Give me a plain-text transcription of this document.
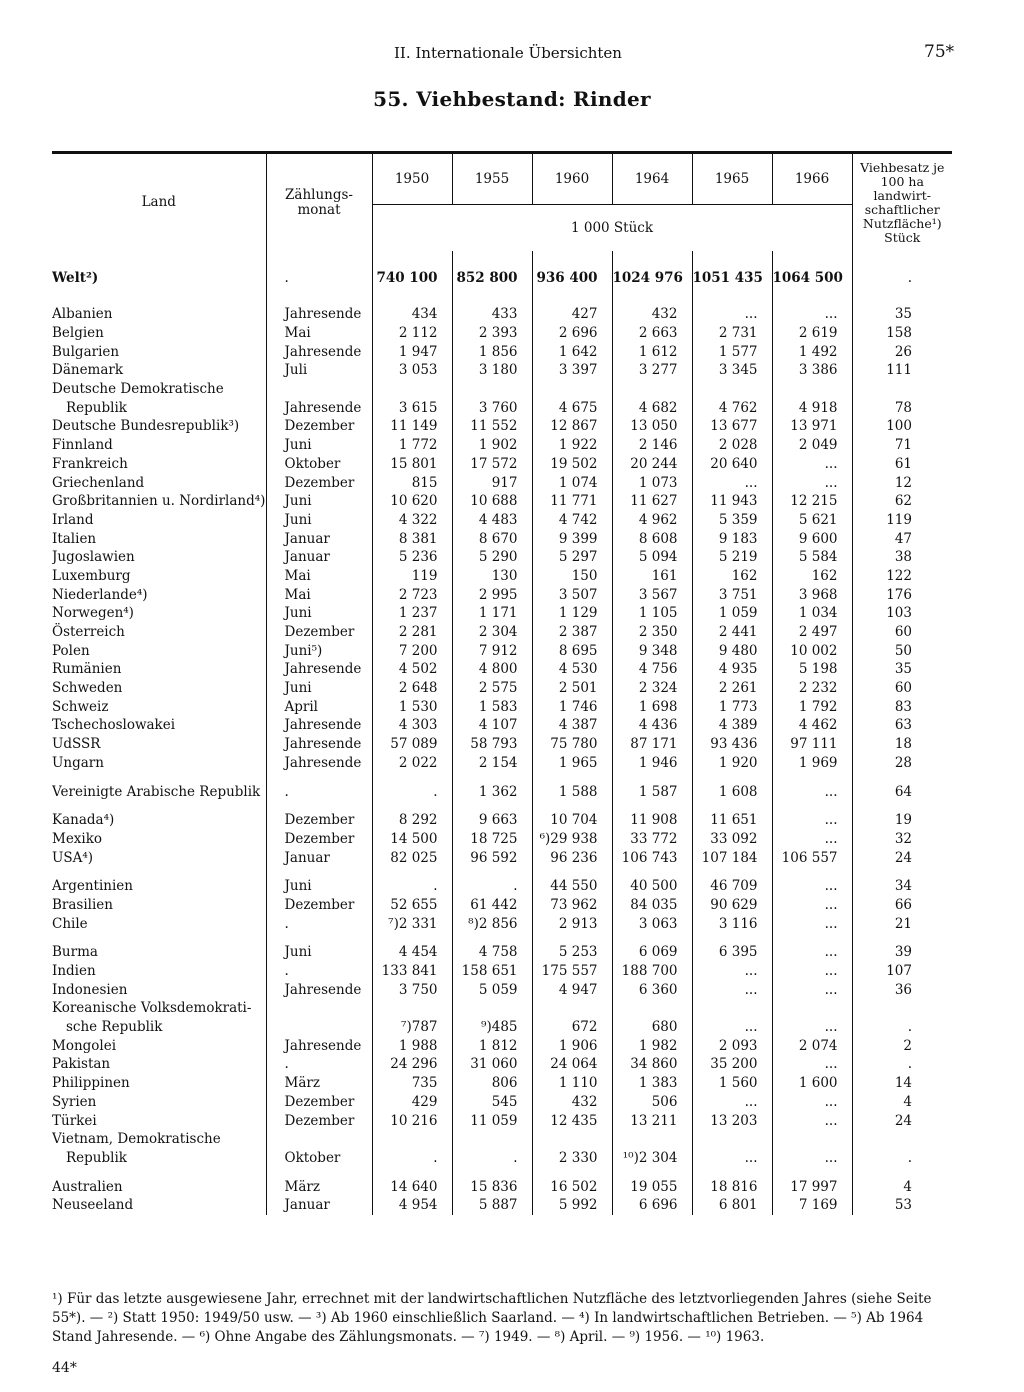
II. Internationale Übersichten	75*
55. Viehbestand: Rinder
Land	Zählungs-monat	1950	1955	1960	1964	1965	1966	Viehbesatz je 100 ha landwirt-schaftlicher Nutzfläche¹) Stück
		1 000 Stück						

Welt²)	.	740 100	852 800	936 400	1024 976	1051 435	1064 500	.

Albanien	Jahresende	434	433	427	432	...	...	35
Belgien	Mai	2 112	2 393	2 696	2 663	2 731	2 619	158
Bulgarien	Jahresende	1 947	1 856	1 642	1 612	1 577	1 492	26
Dänemark	Juli	3 053	3 180	3 397	3 277	3 345	3 386	111
Deutsche Demokratische								
Republik	Jahresende	3 615	3 760	4 675	4 682	4 762	4 918	78
Deutsche Bundesrepublik³)	Dezember	11 149	11 552	12 867	13 050	13 677	13 971	100
Finnland	Juni	1 772	1 902	1 922	2 146	2 028	2 049	71
Frankreich	Oktober	15 801	17 572	19 502	20 244	20 640	...	61
Griechenland	Dezember	815	917	1 074	1 073	...	...	12
Großbritannien u. Nordirland⁴)	Juni	10 620	10 688	11 771	11 627	11 943	12 215	62
Irland	Juni	4 322	4 483	4 742	4 962	5 359	5 621	119
Italien	Januar	8 381	8 670	9 399	8 608	9 183	9 600	47
Jugoslawien	Januar	5 236	5 290	5 297	5 094	5 219	5 584	38
Luxemburg	Mai	119	130	150	161	162	162	122
Niederlande⁴)	Mai	2 723	2 995	3 507	3 567	3 751	3 968	176
Norwegen⁴)	Juni	1 237	1 171	1 129	1 105	1 059	1 034	103
Österreich	Dezember	2 281	2 304	2 387	2 350	2 441	2 497	60
Polen	Juni⁵)	7 200	7 912	8 695	9 348	9 480	10 002	50
Rumänien	Jahresende	4 502	4 800	4 530	4 756	4 935	5 198	35
Schweden	Juni	2 648	2 575	2 501	2 324	2 261	2 232	60
Schweiz	April	1 530	1 583	1 746	1 698	1 773	1 792	83
Tschechoslowakei	Jahresende	4 303	4 107	4 387	4 436	4 389	4 462	63
UdSSR	Jahresende	57 089	58 793	75 780	87 171	93 436	97 111	18
Ungarn	Jahresende	2 022	2 154	1 965	1 946	1 920	1 969	28

Vereinigte Arabische Republik	.	.	1 362	1 588	1 587	1 608	...	64

Kanada⁴)	Dezember	8 292	9 663	10 704	11 908	11 651	...	19
Mexiko	Dezember	14 500	18 725	⁶)29 938	33 772	33 092	...	32
USA⁴)	Januar	82 025	96 592	96 236	106 743	107 184	106 557	24

Argentinien	Juni	.	.	44 550	40 500	46 709	...	34
Brasilien	Dezember	52 655	61 442	73 962	84 035	90 629	...	66
Chile	.	⁷)2 331	⁸)2 856	2 913	3 063	3 116	...	21

Burma	Juni	4 454	4 758	5 253	6 069	6 395	...	39
Indien	.	133 841	158 651	175 557	188 700	...	...	107
Indonesien	Jahresende	3 750	5 059	4 947	6 360	...	...	36
Koreanische Volksdemokrati-								
sche Republik		⁷)787	⁹)485	672	680	...	...	.
Mongolei	Jahresende	1 988	1 812	1 906	1 982	2 093	2 074	2
Pakistan	.	24 296	31 060	24 064	34 860	35 200	...	.
Philippinen	März	735	806	1 110	1 383	1 560	1 600	14
Syrien	Dezember	429	545	432	506	...	...	4
Türkei	Dezember	10 216	11 059	12 435	13 211	13 203	...	24
Vietnam, Demokratische								
Republik	Oktober	.	.	2 330	¹⁰)2 304	...	...	.

Australien	März	14 640	15 836	16 502	19 055	18 816	17 997	4
Neuseeland	Januar	4 954	5 887	5 992	6 696	6 801	7 169	53
¹) Für das letzte ausgewiesene Jahr, errechnet mit der landwirtschaftlichen Nutzfläche des letztvorliegenden Jahres (siehe Seite 55*). — ²) Statt 1950: 1949/50 usw. — ³) Ab 1960 einschließlich Saarland. — ⁴) In landwirtschaftlichen Betrieben. — ⁵) Ab 1964 Stand Jahresende. — ⁶) Ohne Angabe des Zählungsmonats. — ⁷) 1949. — ⁸) April. — ⁹) 1956. — ¹⁰) 1963.
44*
